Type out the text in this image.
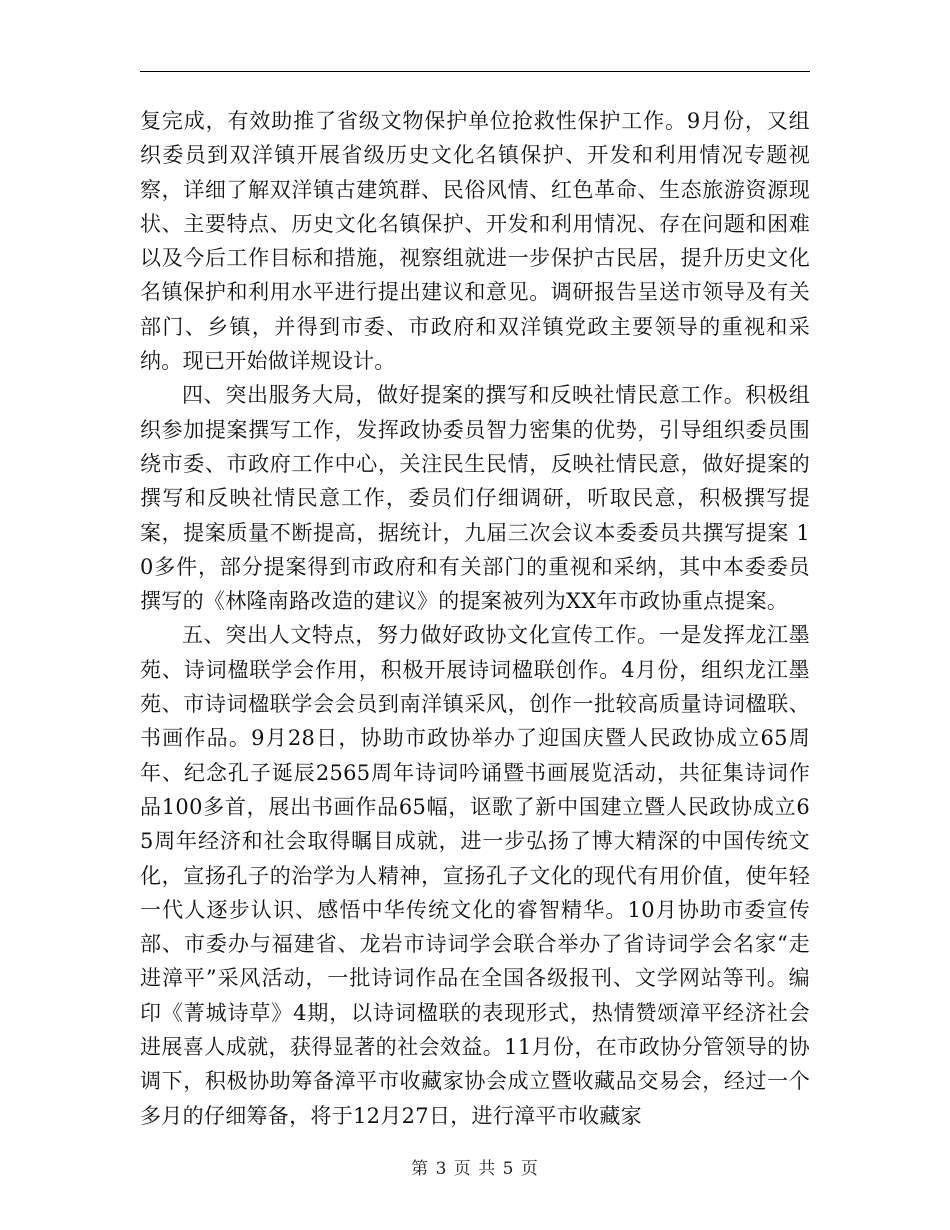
复完成，有效助推了省级文物保护单位抢救性保护工作。9月份，又组织委员到双洋镇开展省级历史文化名镇保护、开发和利用情况专题视察，详细了解双洋镇古建筑群、民俗风情、红色革命、生态旅游资源现状、主要特点、历史文化名镇保护、开发和利用情况、存在问题和困难以及今后工作目标和措施，视察组就进一步保护古民居，提升历史文化名镇保护和利用水平进行提出建议和意见。调研报告呈送市领导及有关部门、乡镇，并得到市委、市政府和双洋镇党政主要领导的重视和采纳。现已开始做详规设计。

四、突出服务大局，做好提案的撰写和反映社情民意工作。积极组织参加提案撰写工作，发挥政协委员智力密集的优势，引导组织委员围绕市委、市政府工作中心，关注民生民情，反映社情民意，做好提案的撰写和反映社情民意工作，委员们仔细调研，听取民意，积极撰写提案，提案质量不断提高，据统计，九届三次会议本委委员共撰写提案 10多件，部分提案得到市政府和有关部门的重视和采纳，其中本委委员撰写的《林隆南路改造的建议》的提案被列为XX年市政协重点提案。

五、突出人文特点，努力做好政协文化宣传工作。一是发挥龙江墨苑、诗词楹联学会作用，积极开展诗词楹联创作。4月份，组织龙江墨苑、市诗词楹联学会会员到南洋镇采风，创作一批较高质量诗词楹联、书画作品。9月28日，协助市政协举办了迎国庆暨人民政协成立65周年、纪念孔子诞辰2565周年诗词吟诵暨书画展览活动，共征集诗词作品100多首，展出书画作品65幅，讴歌了新中国建立暨人民政协成立65周年经济和社会取得瞩目成就，进一步弘扬了博大精深的中国传统文化，宣扬孔子的治学为人精神，宣扬孔子文化的现代有用价值，使年轻一代人逐步认识、感悟中华传统文化的睿智精华。10月协助市委宣传部、市委办与福建省、龙岩市诗词学会联合举办了省诗词学会名家“走进漳平”采风活动，一批诗词作品在全国各级报刊、文学网站等刊。编印《菁城诗草》4期，以诗词楹联的表现形式，热情赞颂漳平经济社会进展喜人成就，获得显著的社会效益。11月份，在市政协分管领导的协调下，积极协助筹备漳平市收藏家协会成立暨收藏品交易会，经过一个多月的仔细筹备，将于12月27日，进行漳平市收藏家

第 3 页 共 5 页
